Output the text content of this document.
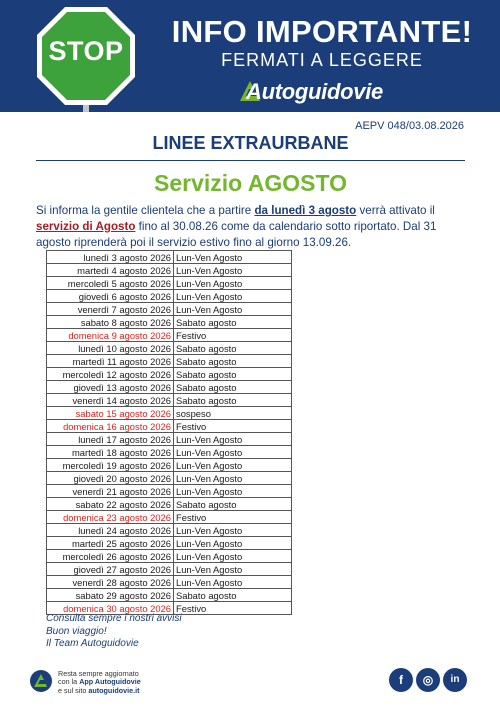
STOP
INFO IMPORTANTE!
FERMATI A LEGGERE
Autoguidovie
AEPV 048/03.08.2026
LINEE EXTRAURBANE
Servizio AGOSTO
Si informa la gentile clientela che a partire da lunedì 3 agosto verrà attivato il servizio di Agosto fino al 30.08.26 come da calendario sotto riportato. Dal 31 agosto riprenderà poi il servizio estivo fino al giorno 13.09.26.
lunedì 3 agosto 2026	Lun-Ven Agosto
martedì 4 agosto 2026	Lun-Ven Agosto
mercoledì 5 agosto 2026	Lun-Ven Agosto
giovedì 6 agosto 2026	Lun-Ven Agosto
venerdì 7 agosto 2026	Lun-Ven Agosto
sabato 8 agosto 2026	Sabato agosto
domenica 9 agosto 2026	Festivo
lunedì 10 agosto 2026	Sabato agosto
martedì 11 agosto 2026	Sabato agosto
mercoledì 12 agosto 2026	Sabato agosto
giovedì 13 agosto 2026	Sabato agosto
venerdì 14 agosto 2026	Sabato agosto
sabato 15 agosto 2026	sospeso
domenica 16 agosto 2026	Festivo
lunedì 17 agosto 2026	Lun-Ven Agosto
martedì 18 agosto 2026	Lun-Ven Agosto
mercoledì 19 agosto 2026	Lun-Ven Agosto
giovedì 20 agosto 2026	Lun-Ven Agosto
venerdì 21 agosto 2026	Lun-Ven Agosto
sabato 22 agosto 2026	Sabato agosto
domenica 23 agosto 2026	Festivo
lunedì 24 agosto 2026	Lun-Ven Agosto
martedì 25 agosto 2026	Lun-Ven Agosto
mercoledì 26 agosto 2026	Lun-Ven Agosto
giovedì 27 agosto 2026	Lun-Ven Agosto
venerdì 28 agosto 2026	Lun-Ven Agosto
sabato 29 agosto 2026	Sabato agosto
domenica 30 agosto 2026	Festivo
Consulta sempre i nostri avvisi
Buon viaggio!
Il Team Autoguidovie
Resta sempre aggiornato
con la App Autoguidovie
e sul sito autoguidovie.it
f	◎	in
